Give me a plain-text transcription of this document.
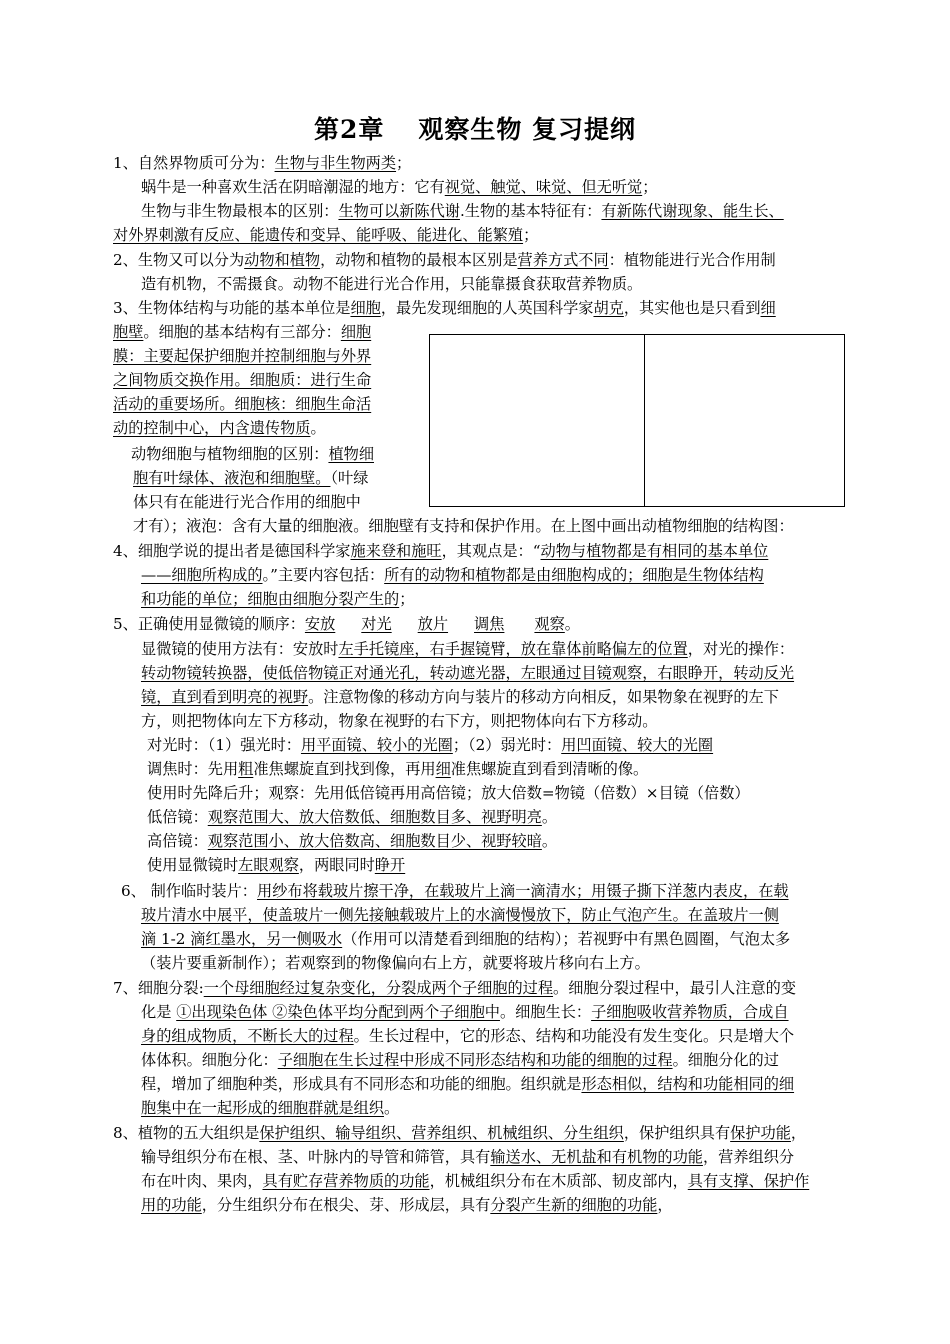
第2章 观察生物 复习提纲
1、自然界物质可分为：生物与非生物两类；
蜗牛是一种喜欢生活在阴暗潮湿的地方：它有视觉、触觉、味觉、但无听觉；
生物与非生物最根本的区别：生物可以新陈代谢.生物的基本特征有：有新陈代谢现象、能生长、
对外界刺激有反应、能遗传和变异、能呼吸、能进化、能繁殖；
2、生物又可以分为动物和植物，动物和植物的最根本区别是营养方式不同：植物能进行光合作用制
造有机物，不需摄食。动物不能进行光合作用，只能靠摄食获取营养物质。
3、生物体结构与功能的基本单位是细胞，最先发现细胞的人英国科学家胡克，其实他也是只看到细
胞壁。细胞的基本结构有三部分：细胞
膜：主要起保护细胞并控制细胞与外界
之间物质交换作用。细胞质：进行生命
活动的重要场所。细胞核：细胞生命活
动的控制中心，内含遗传物质。
动物细胞与植物细胞的区别：植物细
胞有叶绿体、液泡和细胞壁。（叶绿
体只有在能进行光合作用的细胞中
才有）；液泡：含有大量的细胞液。细胞壁有支持和保护作用。在上图中画出动植物细胞的结构图：
4、细胞学说的提出者是德国科学家施来登和施旺，其观点是：“动物与植物都是有相同的基本单位
——细胞所构成的。”主要内容包括：所有的动物和植物都是由细胞构成的；细胞是生物体结构
和功能的单位；细胞由细胞分裂产生的；
5、正确使用显微镜的顺序：安放 对光 放片 调焦 观察。
显微镜的使用方法有：安放时左手托镜座，右手握镜臂，放在靠体前略偏左的位置，对光的操作：
转动物镜转换器，使低倍物镜正对通光孔，转动遮光器，左眼通过目镜观察，右眼睁开，转动反光
镜，直到看到明亮的视野。注意物像的移动方向与装片的移动方向相反，如果物象在视野的左下
方，则把物体向左下方移动，物象在视野的右下方，则把物体向右下方移动。
对光时：（1）强光时：用平面镜、较小的光圈；（2）弱光时：用凹面镜、较大的光圈
调焦时：先用粗准焦螺旋直到找到像，再用细准焦螺旋直到看到清晰的像。
使用时先降后升；观察：先用低倍镜再用高倍镜；放大倍数=物镜（倍数）×目镜（倍数）
低倍镜：观察范围大、放大倍数低、细胞数目多、视野明亮。
高倍镜：观察范围小、放大倍数高、细胞数目少、视野较暗。
使用显微镜时左眼观察，两眼同时睁开
6、 制作临时装片：用纱布将载玻片擦干净，在载玻片上滴一滴清水；用镊子撕下洋葱内表皮，在载
玻片清水中展平，使盖玻片一侧先接触载玻片上的水滴慢慢放下，防止气泡产生。在盖玻片一侧
滴 1-2 滴红墨水，另一侧吸水（作用可以清楚看到细胞的结构）；若视野中有黑色圆圈，气泡太多
（装片要重新制作）；若观察到的物像偏向右上方，就要将玻片移向右上方。
7、细胞分裂:一个母细胞经过复杂变化，分裂成两个子细胞的过程。细胞分裂过程中，最引人注意的变
化是 ①出现染色体 ②染色体平均分配到两个子细胞中。细胞生长：子细胞吸收营养物质，合成自
身的组成物质，不断长大的过程。生长过程中，它的形态、结构和功能没有发生变化。只是增大个
体体积。细胞分化：子细胞在生长过程中形成不同形态结构和功能的细胞的过程。细胞分化的过
程，增加了细胞种类，形成具有不同形态和功能的细胞。组织就是形态相似，结构和功能相同的细
胞集中在一起形成的细胞群就是组织。
8、植物的五大组织是保护组织、输导组织、营养组织、机械组织、分生组织，保护组织具有保护功能，
输导组织分布在根、茎、叶脉内的导管和筛管，具有输送水、无机盐和有机物的功能，营养组织分
布在叶肉、果肉，具有贮存营养物质的功能，机械组织分布在木质部、韧皮部内，具有支撑、保护作
用的功能，分生组织分布在根尖、芽、形成层，具有分裂产生新的细胞的功能，
